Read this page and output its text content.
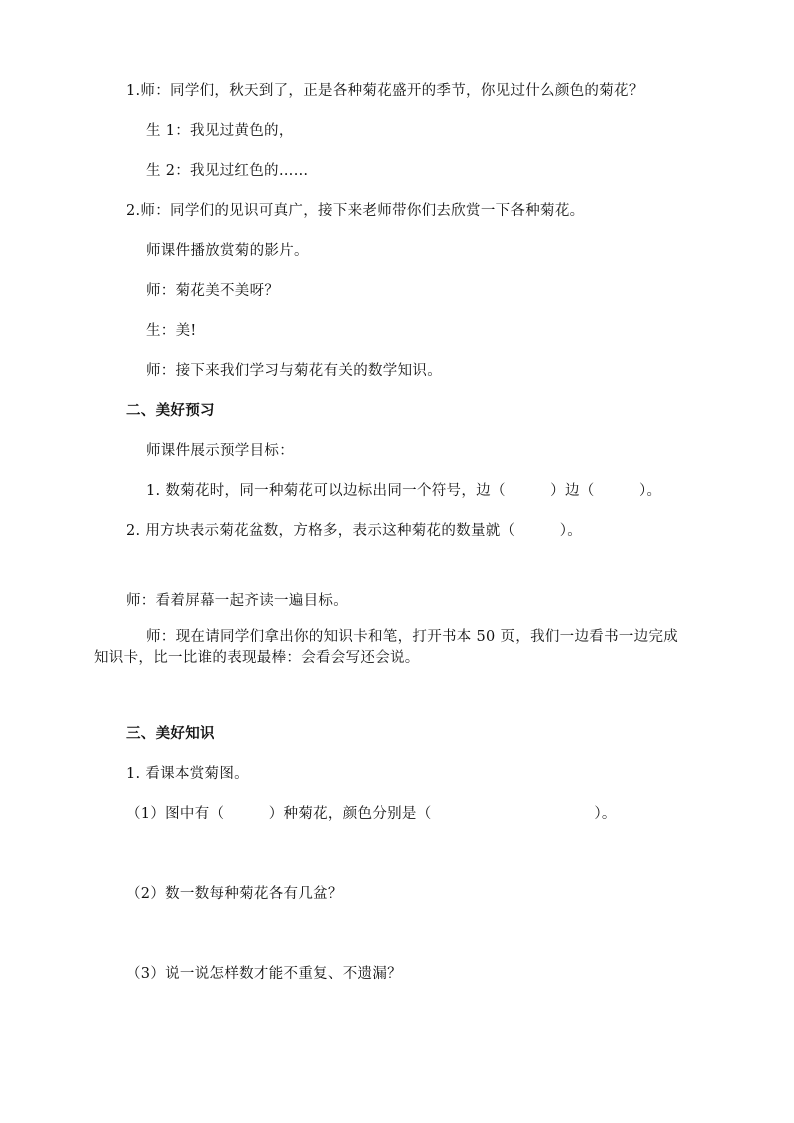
1.师：同学们，秋天到了，正是各种菊花盛开的季节，你见过什么颜色的菊花？
生 1：我见过黄色的，
生 2：我见过红色的……
2.师：同学们的见识可真广，接下来老师带你们去欣赏一下各种菊花。
师课件播放赏菊的影片。
师：菊花美不美呀？
生：美!
师：接下来我们学习与菊花有关的数学知识。
二、美好预习
师课件展示预学目标：
1. 数菊花时，同一种菊花可以边标出同一个符号，边（　　　）边（　　　）。
2. 用方块表示菊花盆数，方格多，表示这种菊花的数量就（　　　）。
师：看着屏幕一起齐读一遍目标。
师：现在请同学们拿出你的知识卡和笔，打开书本 50 页，我们一边看书一边完成
知识卡，比一比谁的表现最棒：会看会写还会说。
三、美好知识
1. 看课本赏菊图。
（1）图中有（　　　）种菊花，颜色分别是（　　　　　　　　　　　）。
（2）数一数每种菊花各有几盆？
（3）说一说怎样数才能不重复、不遗漏？
